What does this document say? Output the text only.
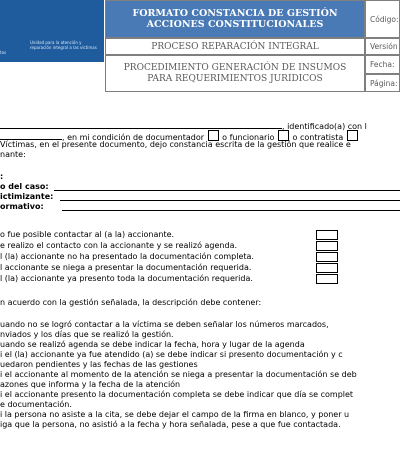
tos
Unidad para la atención y reparación integral a las víctimas
FORMATO CONSTANCIA DE GESTIÓN ACCIONES CONSTITUCIONALES
PROCESO REPARACIÓN INTEGRAL
PROCEDIMIENTO GENERACIÓN DE INSUMOS PARA REQUERIMIENTOS JURIDICOS
Código:
Versión
Fecha:
Página:
, identificado(a) con l
, en mi condición de documentador o funcionario o contratista
Víctimas, en el presente documento, dejo constancia escrita de la gestión que realice e
nante:
:
o del caso:
ictimizante:
ormativo:
o fue posible contactar al (a la) accionante.
e realizo el contacto con la accionante y se realizó agenda.
l (la) accionante no ha presentado la documentación completa.
l accionante se niega a presentar la documentación requerida.
l (la) accionante ya presento toda la documentación requerida.
n acuerdo con la gestión señalada, la descripción debe contener:
uando no se logró contactar a la víctima se deben señalar los números marcados,
nviados y los días que se realizó la gestión.
uando se realizó agenda se debe indicar la fecha, hora y lugar de la agenda
i el (la) accionante ya fue atendido (a) se debe indicar si presento documentación y c
uedaron pendientes y las fechas de las gestiones
i el accionante al momento de la atención se niega a presentar la documentación se deb
azones que informa y la fecha de la atención
i el accionante presento la documentación completa se debe indicar que día se complet
e documentación.
i la persona no asiste a la cita, se debe dejar el campo de la firma en blanco, y poner u
iga que la persona, no asistió a la fecha y hora señalada, pese a que fue contactada.
